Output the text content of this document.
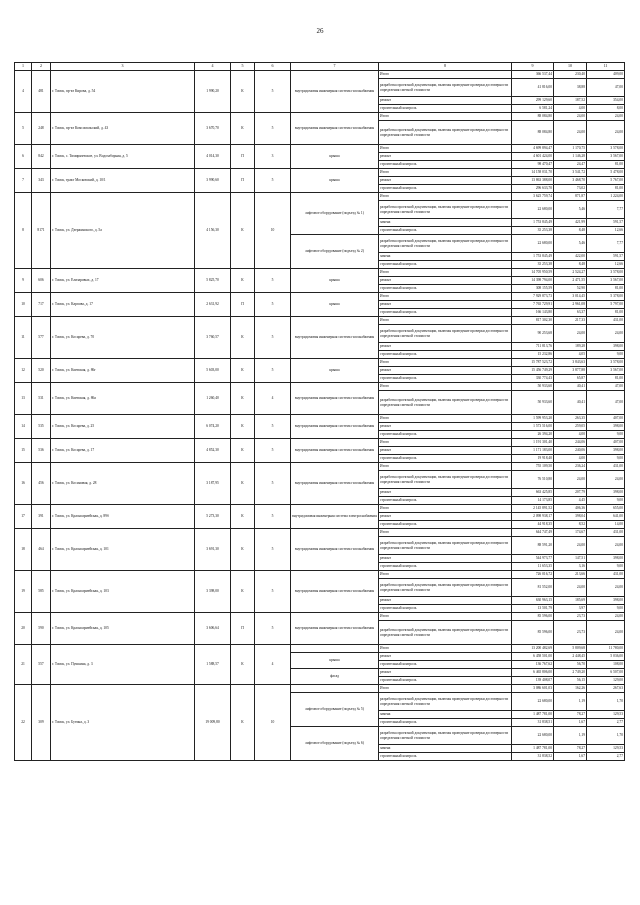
26
1	2	3	4	5	6	7	8	9	10	11
4	481	г. Томск, пр-кт Кирова, д. 54	1 990,20	К	5	внутридомовая инженерная система газоснабжения	Итого	366 537,44	230,40	409,00
							разработка проектной документации, включая проведение проверки достоверности определения сметной стоимости	41 816,00	38,88	47,00
							ремонт	299 129,60	187,52	354,00
							строительный контроль	6 581,24	4,00	8,00
5	248	г. Томск, пр-кт Комсомольский, д. 43	3 670,70	К	5	внутридомовая инженерная система газоснабжения	Итого	88 084,80	24,00	24,00
							разработка проектной документации, включая проведение проверки достоверности определения сметной стоимости	88 084,80	24,00	24,00
6	842	г. Томск, с. Тимирязевское, ул. Водозаборная, д. 5	4 014,30	П	3	крыша	Итого	4 699 894,47	1 170,75	3 578,00
							ремонт	4 601 424,00	1 146,28	3 567,00
							строительный контроль	98 470,47	24,47	81,00
7	343	г. Томск, тракт Московский, д. 10/1	3 990,60	П	5	крыша	Итого	14 158 031,70	3 541,72	5 478,00
							ремонт	13 863 388,00	3 468,70	5 767,00
							строительный контроль	296 633,70	73,02	81,00
8	8171	г. Томск, ул. Дзержинского, д. 5а	4 156,30	К	10	лифтовое оборудование (подъезд № 1)	Итого	3 625 759,74	871,87	1 224,00
							разработка проектной документации, включая проведение проверки достоверности определения сметной стоимости	22 680,00	5,46	7,77
							замена	1 753 845,49	421,99	591,57
							строительный контроль	35 253,38	8,48	12,66
						лифтовое оборудование (подъезд № 2)	разработка проектной документации, включая проведение проверки достоверности определения сметной стоимости	22 680,00	5,46	7,77
							замена	1 753 845,49	422,00	591,57
							строительный контроль	35 253,38	8,48	12,66
9	606	г. Томск, ул. Елизаровых, д. 17	5 825,70	К	5	крыша	Итого	14 705 950,59	2 524,27	3 578,00
							ремонт	14 398 794,00	2 471,55	3 567,00
							строительный контроль	308 155,59	52,90	81,00
10	717	г. Томск, ул. Карпова, д. 17	2 631,92	П	5	крыша	Итого	7 929 873,73	3 014,45	5 378,00
							ремонт	7 765 729,91	2 961,08	5 797,00
							строительный контроль	166 143,80	63,37	81,00
11	577	г. Томск, ул. Косарева, д. 70	3 760,57	К	5	внутридомовая инженерная система газоснабжения	Итого	817 302,30	217,33	431,00
							разработка проектной документации, включая проведение проверки достоверности определения сметной стоимости	90 253,68	24,00	24,00
							ремонт	711 813,76	189,28	398,00
							строительный контроль	15 232,86	4,05	9,00
12	520	г. Томск, ул. Киевская, д. 86г	5 603,00	К	5	крыша	Итого	15 787 523,72	3 843,63	3 578,00
							ремонт	15 456 749,29	3 877,88	3 567,00
							строительный контроль	330 774,43	65,87	81,00
13	531	г. Томск, ул. Киевская, д. 86а	1 260,40	К	4	внутридомовая инженерная система газоснабжения	Итого	50 933,60	40,41	47,00
							разработка проектной документации, включая проведение проверки достоверности определения сметной стоимости	50 933,60	40,41	47,00
14	535	г. Томск, ул. Косарева, д. 25	6 074,20	К	5	внутридомовая инженерная система газоснабжения	Итого	1 599 953,20	263,35	407,00
							ремонт	1 573 516,00	259,05	398,00
							строительный контроль	26 394,20	4,00	9,00
15	536	г. Томск, ул. Косарева, д. 17	4 852,30	К	5	внутридомовая инженерная система газоснабжения	Итого	1 191 301,40	244,06	407,00
							ремонт	1 171 183,00	240,06	398,00
							строительный контроль	19 918,40	4,00	9,00
16	456	г. Томск, ул. Косиновая, д. 28	3 187,95	К	5	внутридомовая инженерная система газоснабжения	Итого	755 109,50	236,24	431,00
							разработка проектной документации, включая проведение проверки достоверности определения сметной стоимости	76 510,80	24,00	24,00
							ремонт	663 425,85	207,79	398,00
							строительный контроль	14 173,85	4,45	9,00
17	391	г. Томск, ул. Красноармейская, д. 89б	5 273,30	К	5	внутридомовая инженерная система электроснабжения	Итого	2 145 891,52	406,36	655,00
							ремонт	2 098 938,17	398,04	641,00
							строительный контроль	44 918,35	8,52	14,00
18	464	г. Томск, ул. Красноармейская, д. 101	3 691,30	К	5	внутридомовая инженерная система газоснабжения	Итого	644 747,49	174,67	431,00
							разработка проектной документации, включая проведение проверки достоверности определения сметной стоимости	88 591,20	24,00	24,00
							ремонт	544 973,77	147,51	398,00
							строительный контроль	11 653,35	3,16	9,00
19	585	г. Томск, ул. Красноармейская, д. 103	3 398,00	К	5	внутридомовая инженерная система газоснабжения	Итого	726 016,72	213,66	431,00
							разработка проектной документации, включая проведение проверки достоверности определения сметной стоимости	81 552,00	24,00	24,00
							ремонт	630 963,15	185,69	398,00
							строительный контроль	13 501,79	3,97	9,00
20	590	г. Томск, ул. Красноармейская, д. 105	3 606,64	П	5	внутридомовая инженерная система газоснабжения	Итого	85 596,00	23,73	24,00
							разработка проектной документации, включая проведение проверки достоверности определения сметной стоимости	85 596,00	23,73	24,00
21	557	г. Томск, ул. Пушкина, д. 3	1 588,57	К	4		Итого	13 200 482,69	5 809,68	11 780,00
						крыша	ремонт	6 458 501,00	2 448,45	5 036,00
							строительный контроль	136 767,62	56,70	108,00
						фасад	ремонт	6 465 806,00	2 749,20	6 507,00
							строительный контроль	139 408,07	56,15	129,00
22	309	г. Томск, ул. Бутина, д. 3	19 009,80	К	10		Итого	3 086 601,03	162,26	267,63
						лифтовое оборудование (подъезд № 5)	разработка проектной документации, включая проведение проверки достоверности определения сметной стоимости	22 680,00	1,19	1,70
							замена	1 487 781,00	78,27	129,53
							строительный контроль	31 838,51	1,67	2,77
						лифтовое оборудование (подъезд № 6)	разработка проектной документации, включая проведение проверки достоверности определения сметной стоимости	22 680,00	1,19	1,70
							замена	1 487 781,00	78,27	129,53
							строительный контроль	31 838,52	1,67	2,77
